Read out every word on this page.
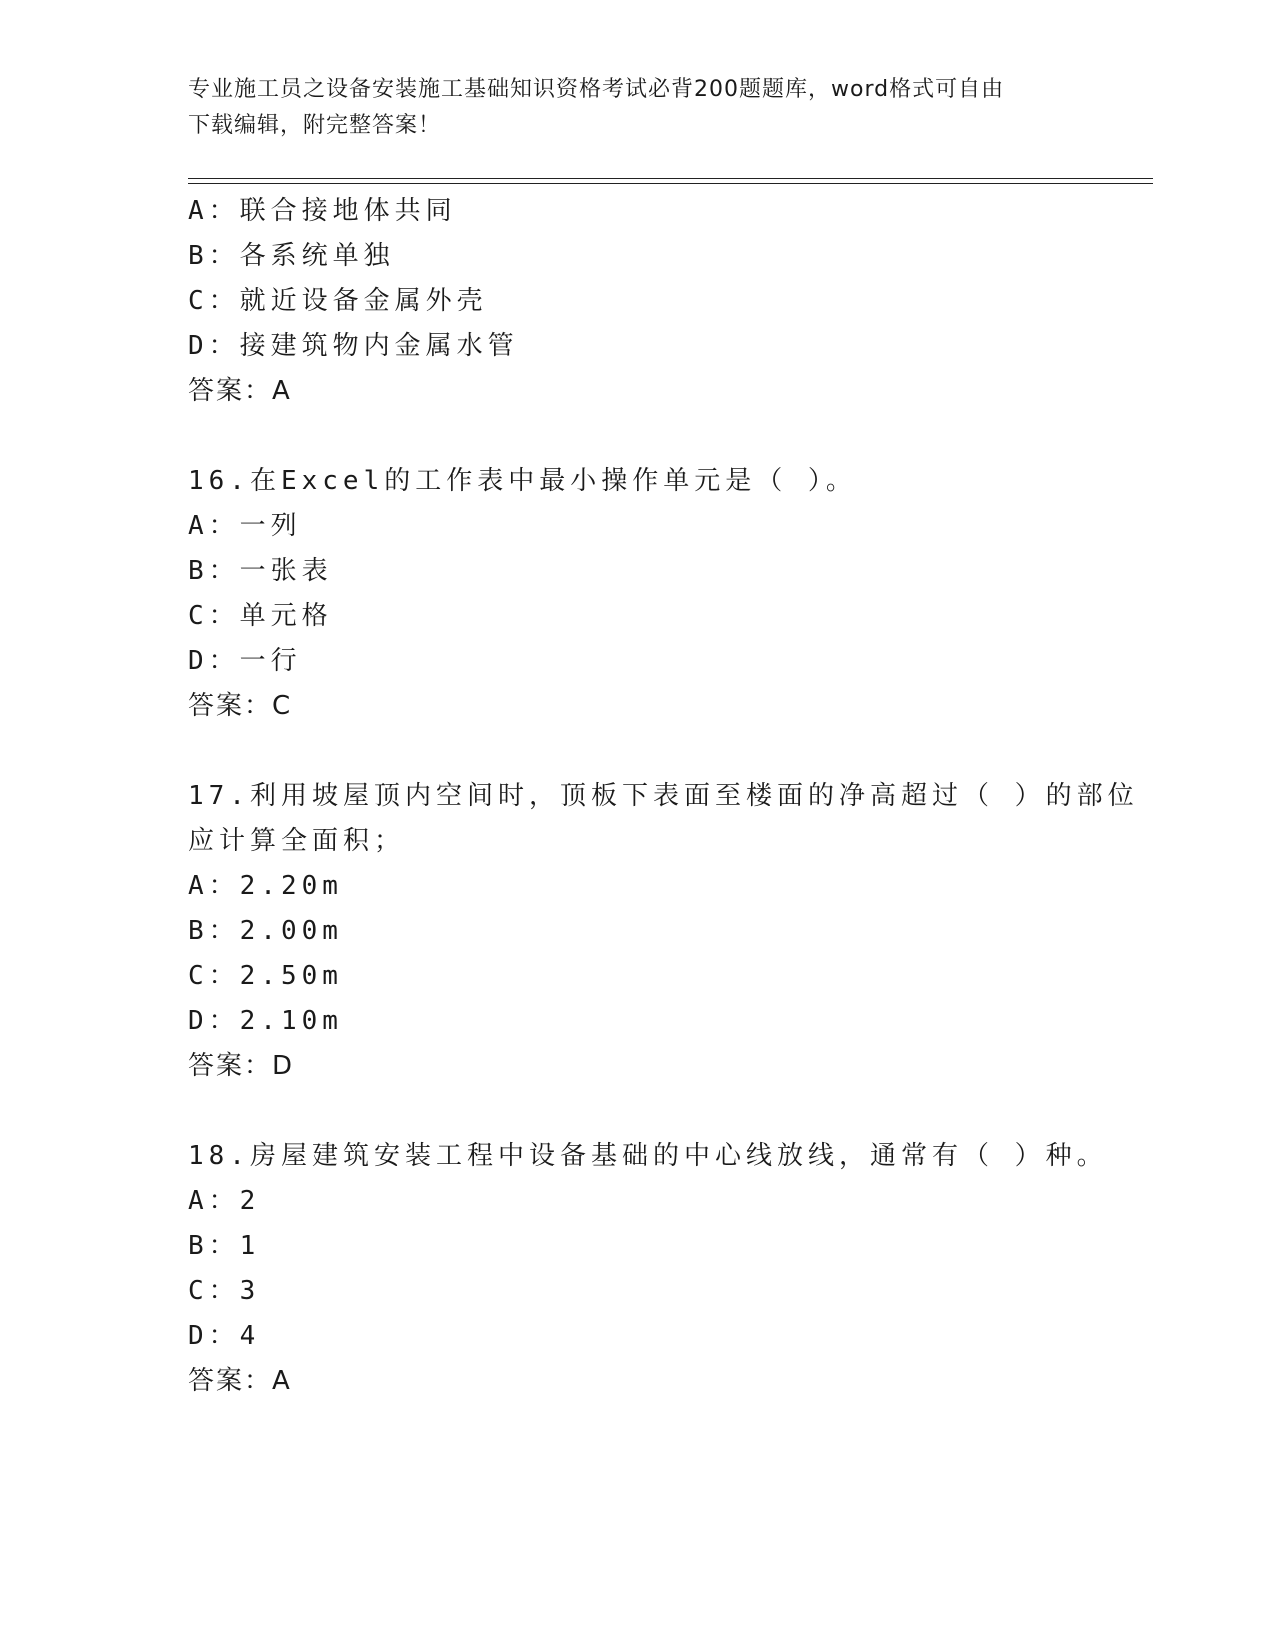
专业施工员之设备安装施工基础知识资格考试必背200题题库，word格式可自由
下载编辑，附完整答案！
A：联合接地体共同
B：各系统单独
C：就近设备金属外壳
D：接建筑物内金属水管
答案：A
16.在Excel的工作表中最小操作单元是（ ）。
A：一列
B：一张表
C：单元格
D：一行
答案：C
17.利用坡屋顶内空间时，顶板下表面至楼面的净高超过（ ）的部位
应计算全面积；
A：2.20m
B：2.00m
C：2.50m
D：2.10m
答案：D
18.房屋建筑安装工程中设备基础的中心线放线，通常有（ ）种。
A：2
B：1
C：3
D：4
答案：A
